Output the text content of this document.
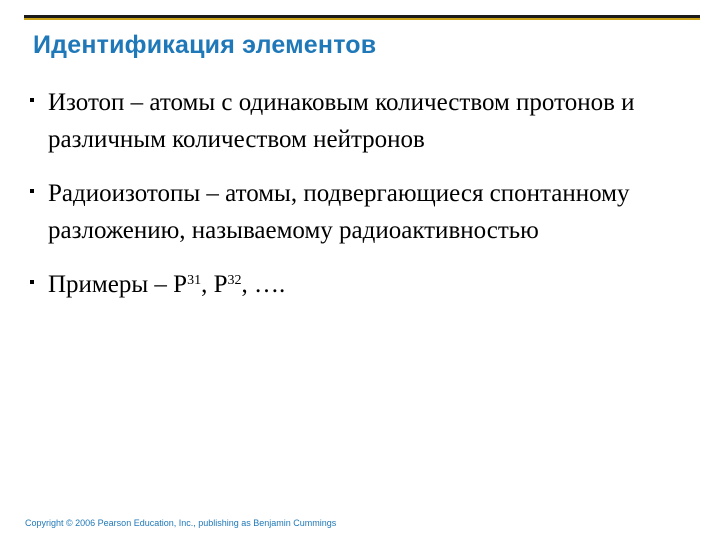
Идентификация элементов
Изотоп – атомы с одинаковым количеством протонов и различным количеством нейтронов
Радиоизотопы – атомы, подвергающиеся спонтанному разложению, называемому радиоактивностью
Примеры – $Р^{31}$, $Р^{32}$, ….
Copyright © 2006 Pearson Education, Inc., publishing as Benjamin Cummings
